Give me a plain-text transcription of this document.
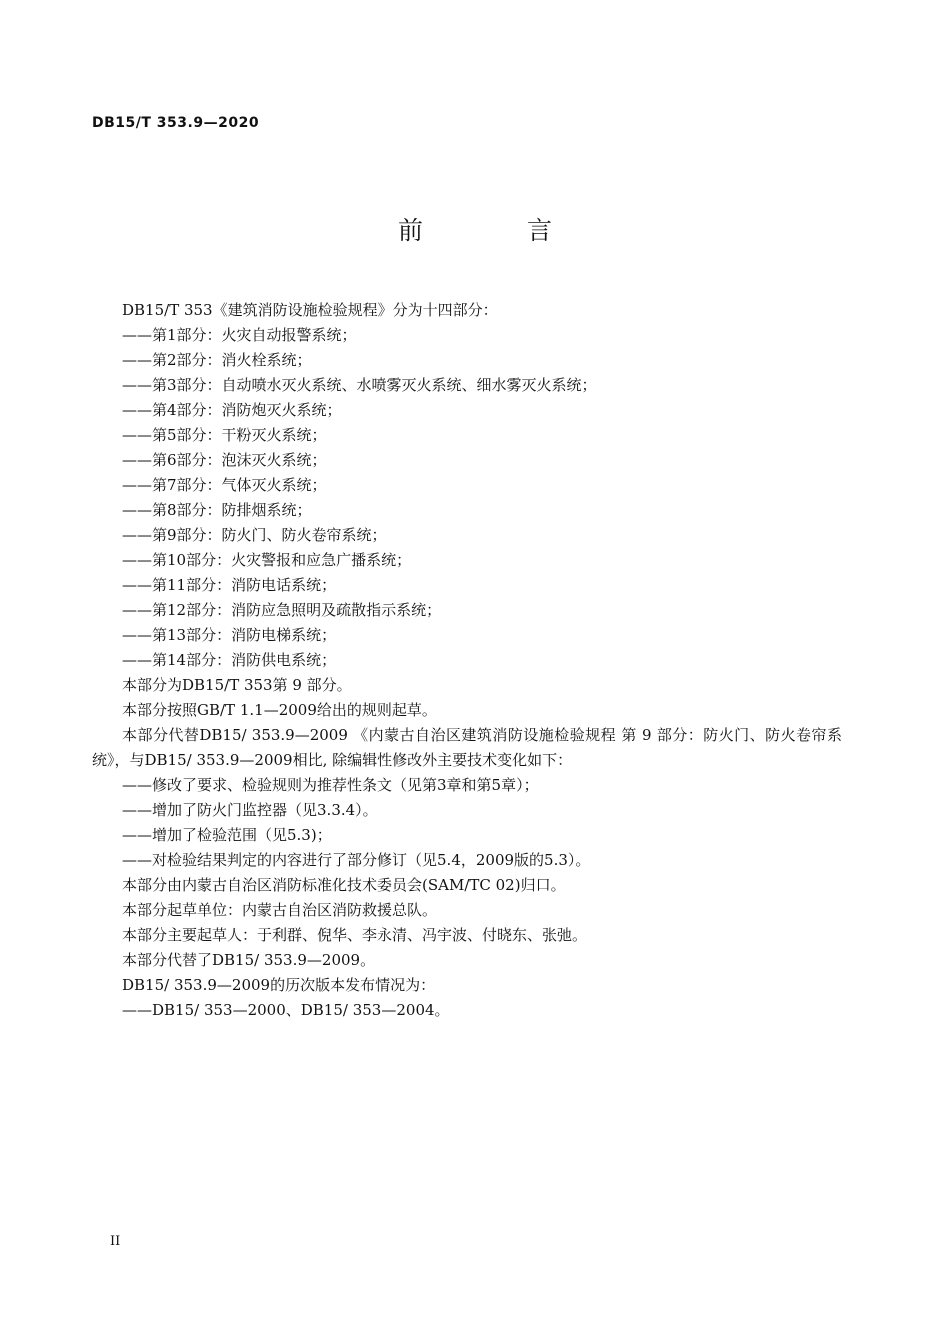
DB15/T 353.9—2020
前 言

DB15/T 353《建筑消防设施检验规程》分为十四部分：

——第1部分：火灾自动报警系统；

——第2部分：消火栓系统；

——第3部分：自动喷水灭火系统、水喷雾灭火系统、细水雾灭火系统；

——第4部分：消防炮灭火系统；

——第5部分：干粉灭火系统；

——第6部分：泡沫灭火系统；

——第7部分：气体灭火系统；

——第8部分：防排烟系统；

——第9部分：防火门、防火卷帘系统；

——第10部分：火灾警报和应急广播系统；

——第11部分：消防电话系统；

——第12部分：消防应急照明及疏散指示系统；

——第13部分：消防电梯系统；

——第14部分：消防供电系统；

本部分为DB15/T 353第 9 部分。

本部分按照GB/T 1.1—2009给出的规则起草。

本部分代替DB15/ 353.9—2009 《内蒙古自治区建筑消防设施检验规程 第 9 部分：防火门、防火卷帘系统》，与DB15/ 353.9—2009相比, 除编辑性修改外主要技术变化如下：

——修改了要求、检验规则为推荐性条文（见第3章和第5章）；

——增加了防火门监控器（见3.3.4）。

——增加了检验范围（见5.3)；

——对检验结果判定的内容进行了部分修订（见5.4，2009版的5.3）。

本部分由内蒙古自治区消防标准化技术委员会(SAM/TC 02)归口。

本部分起草单位：内蒙古自治区消防救援总队。

本部分主要起草人：于利群、倪华、李永清、冯宇波、付晓东、张弛。

本部分代替了DB15/ 353.9—2009。

DB15/ 353.9—2009的历次版本发布情况为：

——DB15/ 353—2000、DB15/ 353—2004。

II
